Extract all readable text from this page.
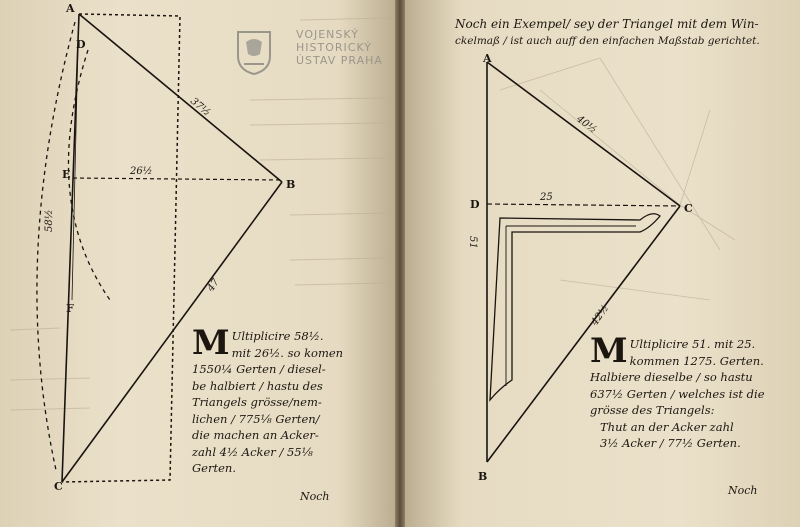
A
D
E
B
F
C
37½
26½
58½
47
VOJENSKÝ
HISTORICKÝ
ÚSTAV PRAHA
M Ultiplicire 58½.
mit 26½. so komen
1550¼ Gerten / diesel-
be halbiert / hastu des
Triangels grösse/nem-
lichen / 775⅛ Gerten/
die machen an Acker-
zahl 4½ Acker / 55⅛
Gerten.
Noch
Noch ein Exempel/ sey der Triangel mit dem Win-
ckelmaß / ist auch auff den einfachen Maßstab gerichtet.
A
D	C
B
40½
25
51
42½
M Ultiplicire 51. mit 25.
kommen 1275. Gerten.
Halbiere dieselbe / so hastu
637½ Gerten / welches ist die
grösse des Triangels:
Thut an der Acker zahl
3½ Acker / 77½ Gerten.
Noch
